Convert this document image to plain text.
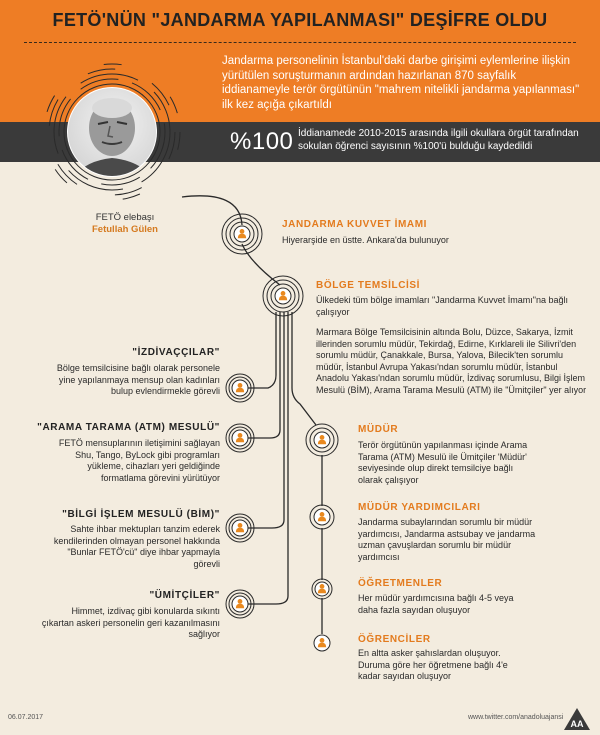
FETÖ'NÜN "JANDARMA YAPILANMASI" DEŞİFRE OLDU
Jandarma personelinin İstanbul'daki darbe girişimi eylemlerine ilişkin yürütülen soruşturmanın ardından hazırlanan 870 sayfalık iddianameyle terör örgütünün "mahrem nitelikli jandarma yapılanması" ilk kez açığa çıkartıldı
%100 İddianamede 2010-2015 arasında ilgili okullara örgüt tarafından sokulan öğrenci sayısının %100'ü bulduğu kaydedildi
FETÖ elebaşı
Fetullah Gülen	JANDARMA KUVVET İMAMI
Hiyerarşide en üstte. Ankara'da bulunuyor
BÖLGE TEMSİLCİSİ
Ülkedeki tüm bölge imamları "Jandarma Kuvvet İmamı"na bağlı çalışıyor
Marmara Bölge Temsilcisinin altında Bolu, Düzce, Sakarya, İzmit illerinden sorumlu müdür, Tekirdağ, Edirne, Kırklareli ile Silivri'den sorumlu müdür, Çanakkale, Bursa, Yalova, Bilecik'ten sorumlu müdür, İstanbul Avrupa Yakası'ndan sorumlu müdür, İstanbul Anadolu Yakası'ndan sorumlu müdür, İzdivaç sorumlusu, Bilgi İşlem Mesulü (BİM), Arama Tarama Mesulü (ATM) ile "Ümitçiler" yer alıyor
MÜDÜR
Terör örgütünün yapılanması içinde Arama Tarama (ATM) Mesulü ile Ümitçiler 'Müdür' seviyesinde olup direkt temsilciye bağlı olarak çalışıyor
MÜDÜR YARDIMCILARI
Jandarma subaylarından sorumlu bir müdür yardımcısı, Jandarma astsubay ve jandarma uzman çavuşlardan sorumlu bir müdür yardımcısı
ÖĞRETMENLER
Her müdür yardımcısına bağlı 4-5 veya daha fazla sayıdan oluşuyor
ÖĞRENCİLER
En altta asker şahıslardan oluşuyor. Duruma göre her öğretmene bağlı 4'e kadar sayıdan oluşuyor
"İZDİVAÇÇILAR"
Bölge temsilcisine bağlı olarak personele yine yapılanmaya mensup olan kadınları bulup evlendirmekle görevli
"ARAMA TARAMA (ATM) MESULÜ"
FETÖ mensuplarının iletişimini sağlayan Shu, Tango, ByLock gibi programları yükleme, cihazları yeri geldiğinde formatlama görevini yürütüyor
"BİLGİ İŞLEM MESULÜ (BİM)"
Sahte ihbar mektupları tanzim ederek kendilerinden olmayan personel hakkında "Bunlar FETÖ'cü" diye ihbar yapmayla görevli
"ÜMİTÇİLER"
Himmet, izdivaç gibi konularda sıkıntı çıkartan askeri personelin geri kazanılmasını sağlıyor
06.07.2017	www.twitter.com/anadoluajansi
AA
